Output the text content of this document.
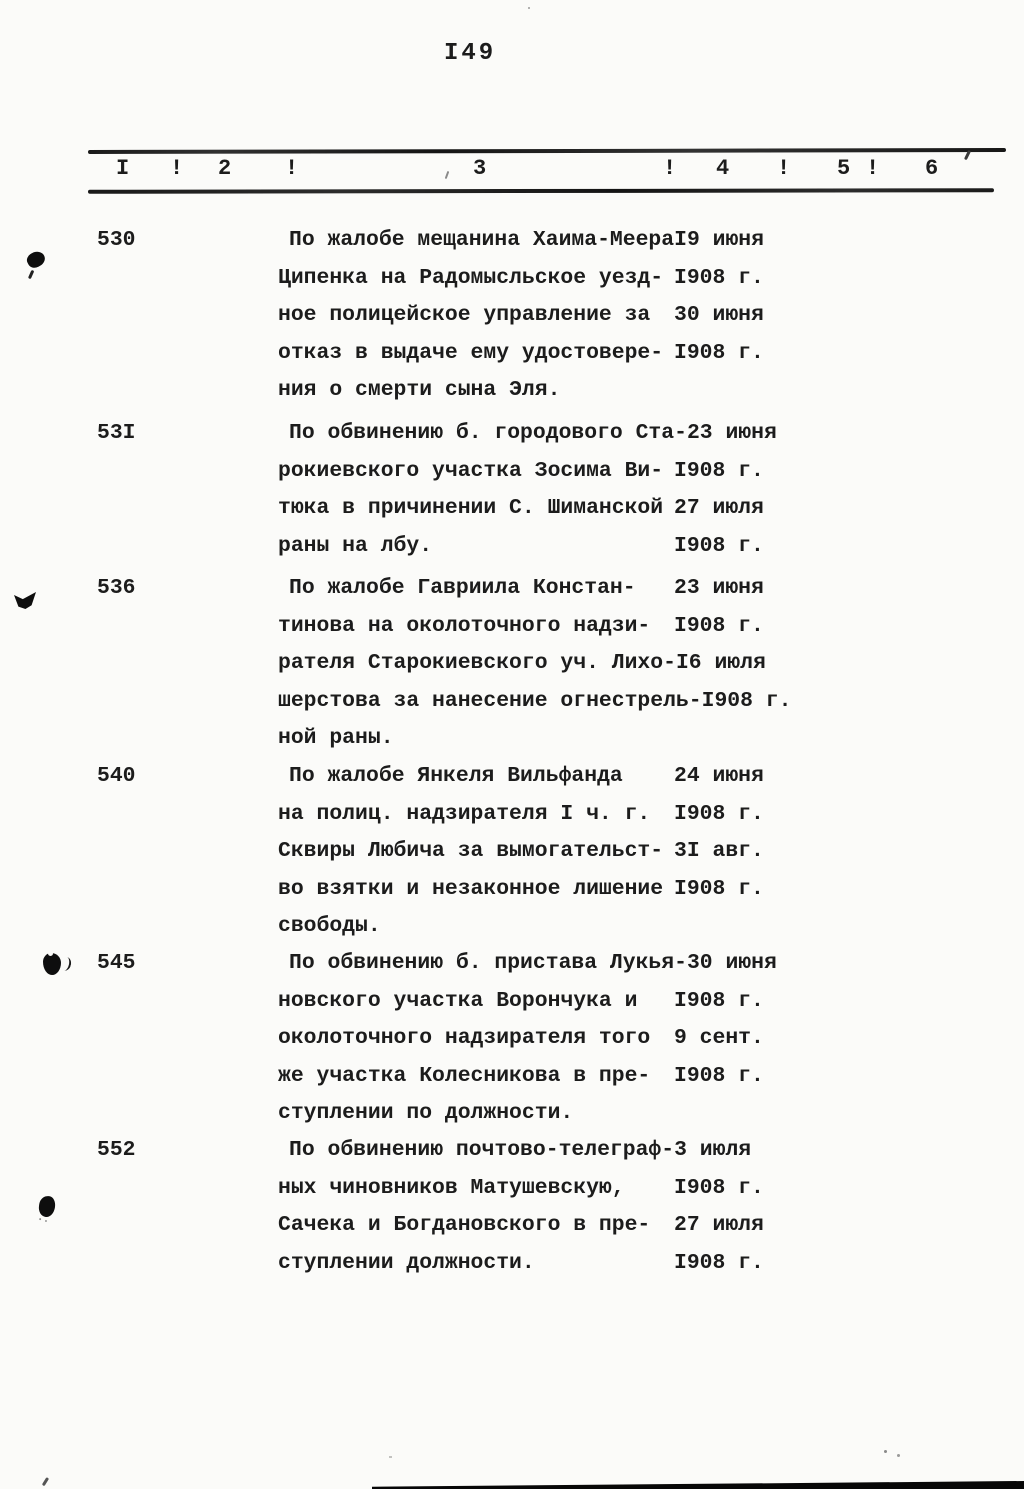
I49
I ! 2 !	3	! 4 ! 5 ! 6
530	По жалобе мещанина Хаима-МеераI9 июня
Ципенка на Радомысльское уезд- I908 г.
ное полицейское управление за 30 июня
отказ в выдаче ему удостовере- I908 г.
ния о смерти сына Эля.
53I	По обвинению б. городового Ста-23 июня
рокиевского участка Зосима Ви- I908 г.
тюка в причинении С. Шиманской 27 июля
раны на лбу.	I908 г.
536	По жалобе Гавриила Констан- 23 июня
тинова на околоточного надзи- I908 г.
рателя Старокиевского уч. Лихо-I6 июля
шерстова за нанесение огнестрель-I908 г.
ной раны.
540	По жалобе Янкеля Вильфанда 24 июня
на полиц. надзирателя I ч. г. I908 г.
Сквиры Любича за вымогательст- 3I авг.
во взятки и незаконное лишение I908 г.
свободы.
545	По обвинению б. пристава Лукья-30 июня
новского участка Ворончука и I908 г.
околоточного надзирателя того 9 сент.
же участка Колесникова в пре- I908 г.
ступлении по должности.
552	По обвинению почтово-телеграф-3 июля
ных чиновников Матушевскую, I908 г.
Сачека и Богдановского в пре- 27 июля
ступлении должности.	I908 г.
